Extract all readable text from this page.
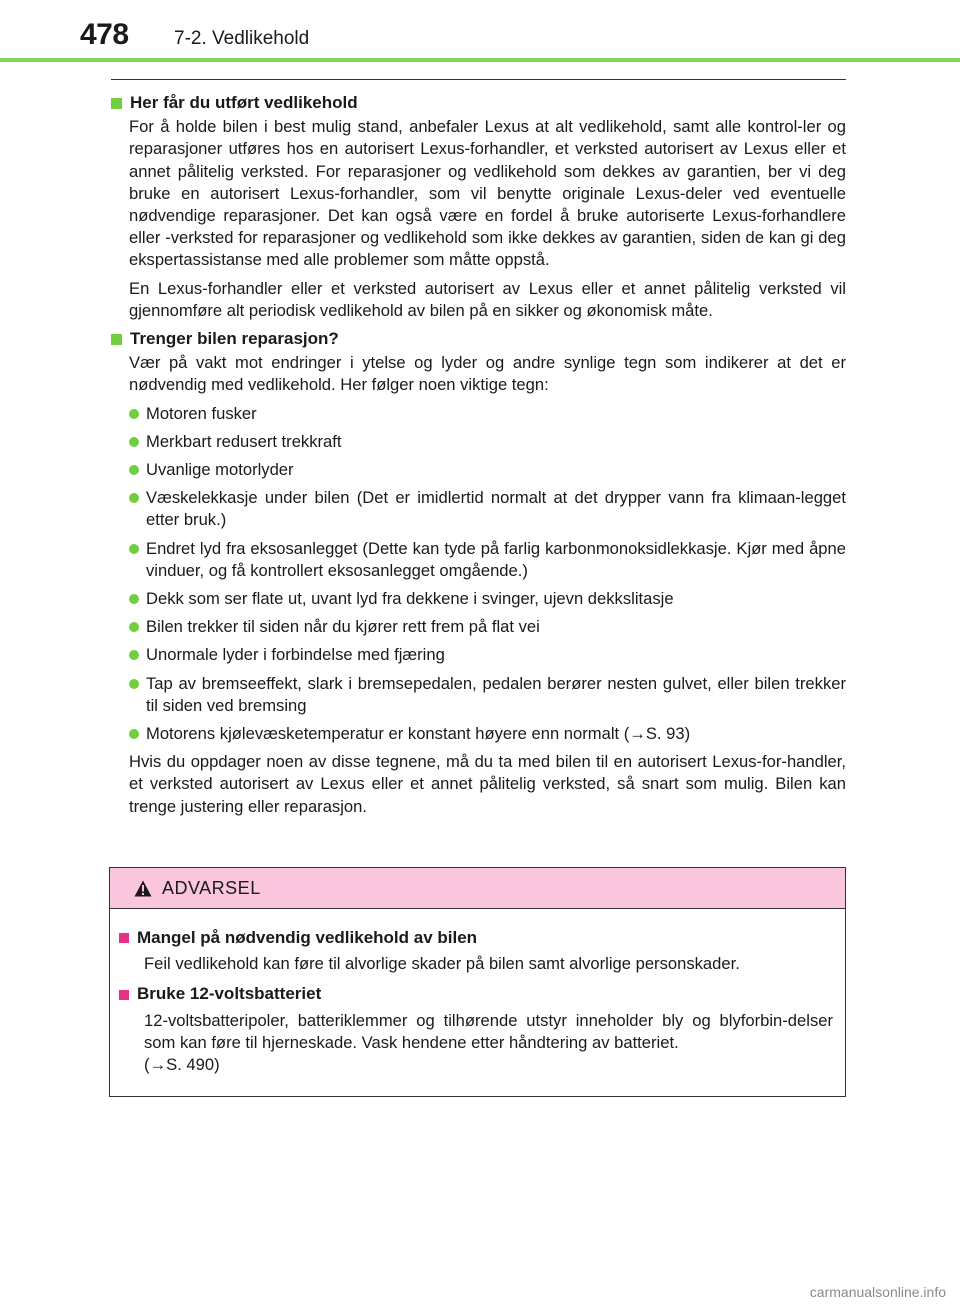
478 7-2. Vedlikehold
Her får du utført vedlikehold

For å holde bilen i best mulig stand, anbefaler Lexus at alt vedlikehold, samt alle kontrol-ler og reparasjoner utføres hos en autorisert Lexus-forhandler, et verksted autorisert av Lexus eller et annet pålitelig verksted. For reparasjoner og vedlikehold som dekkes av garantien, ber vi deg bruke en autorisert Lexus-forhandler, som vil benytte originale Lexus-deler ved eventuelle nødvendige reparasjoner. Det kan også være en fordel å bruke autoriserte Lexus-forhandlere eller -verksted for reparasjoner og vedlikehold som ikke dekkes av garantien, siden de kan gi deg ekspertassistanse med alle problemer som måtte oppstå.

En Lexus-forhandler eller et verksted autorisert av Lexus eller et annet pålitelig verksted vil gjennomføre alt periodisk vedlikehold av bilen på en sikker og økonomisk måte.

Trenger bilen reparasjon?

Vær på vakt mot endringer i ytelse og lyder og andre synlige tegn som indikerer at det er nødvendig med vedlikehold. Her følger noen viktige tegn:

Motoren fusker
Merkbart redusert trekkraft
Uvanlige motorlyder
Væskelekkasje under bilen (Det er imidlertid normalt at det drypper vann fra klimaan-legget etter bruk.)
Endret lyd fra eksosanlegget (Dette kan tyde på farlig karbonmonoksidlekkasje. Kjør med åpne vinduer, og få kontrollert eksosanlegget omgående.)
Dekk som ser flate ut, uvant lyd fra dekkene i svinger, ujevn dekkslitasje
Bilen trekker til siden når du kjører rett frem på flat vei
Unormale lyder i forbindelse med fjæring
Tap av bremseeffekt, slark i bremsepedalen, pedalen berører nesten gulvet, eller bilen trekker til siden ved bremsing
Motorens kjølevæsketemperatur er konstant høyere enn normalt (→S. 93)

Hvis du oppdager noen av disse tegnene, må du ta med bilen til en autorisert Lexus-for-handler, et verksted autorisert av Lexus eller et annet pålitelig verksted, så snart som mulig. Bilen kan trenge justering eller reparasjon.

ADVARSEL
Mangel på nødvendig vedlikehold av bilen

Feil vedlikehold kan føre til alvorlige skader på bilen samt alvorlige personskader.

Bruke 12-voltsbatteriet

12-voltsbatteripoler, batteriklemmer og tilhørende utstyr inneholder bly og blyforbin-delser som kan føre til hjerneskade. Vask hendene etter håndtering av batteriet.
(→S. 490)

carmanualsonline.info
